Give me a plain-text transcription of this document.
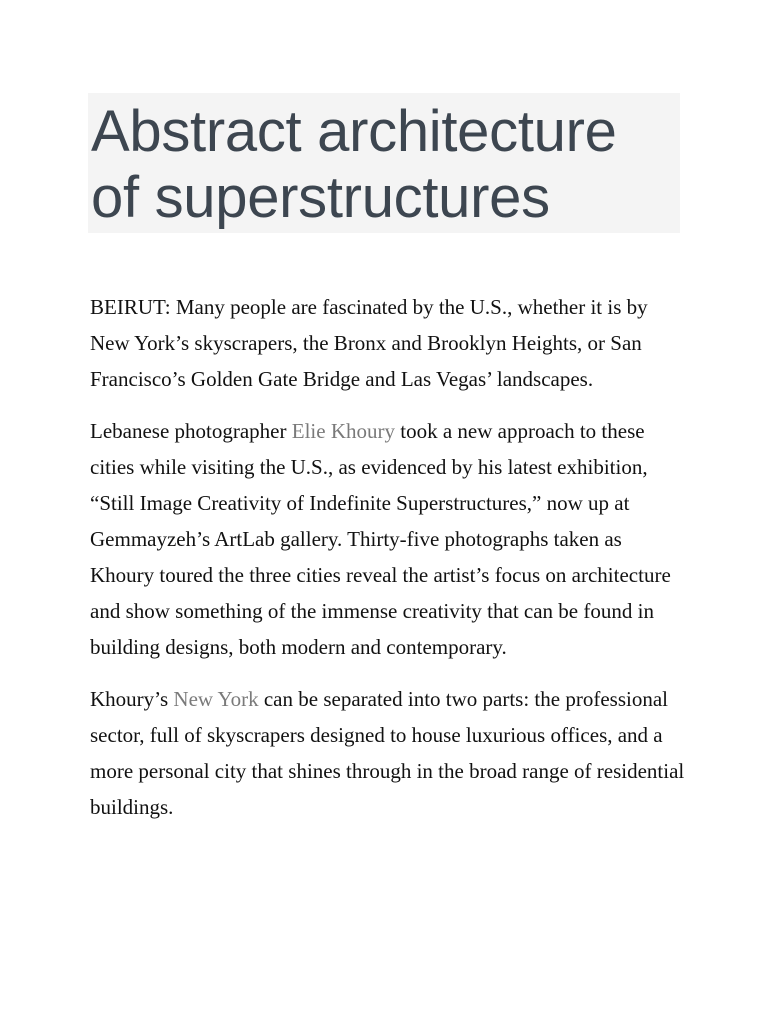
Abstract architecture of superstructures

BEIRUT: Many people are fascinated by the U.S., whether it is by New York’s skyscrapers, the Bronx and Brooklyn Heights, or San Francisco’s Golden Gate Bridge and Las Vegas’ landscapes.

Lebanese photographer Elie Khoury took a new approach to these cities while visiting the U.S., as evidenced by his latest exhibition, “Still Image Creativity of Indefinite Superstructures,” now up at Gemmayzeh’s ArtLab gallery. Thirty-five photographs taken as Khoury toured the three cities reveal the artist’s focus on architecture and show something of the immense creativity that can be found in building designs, both modern and contemporary.

Khoury’s New York can be separated into two parts: the professional sector, full of skyscrapers designed to house luxurious offices, and a more personal city that shines through in the broad range of residential buildings.
